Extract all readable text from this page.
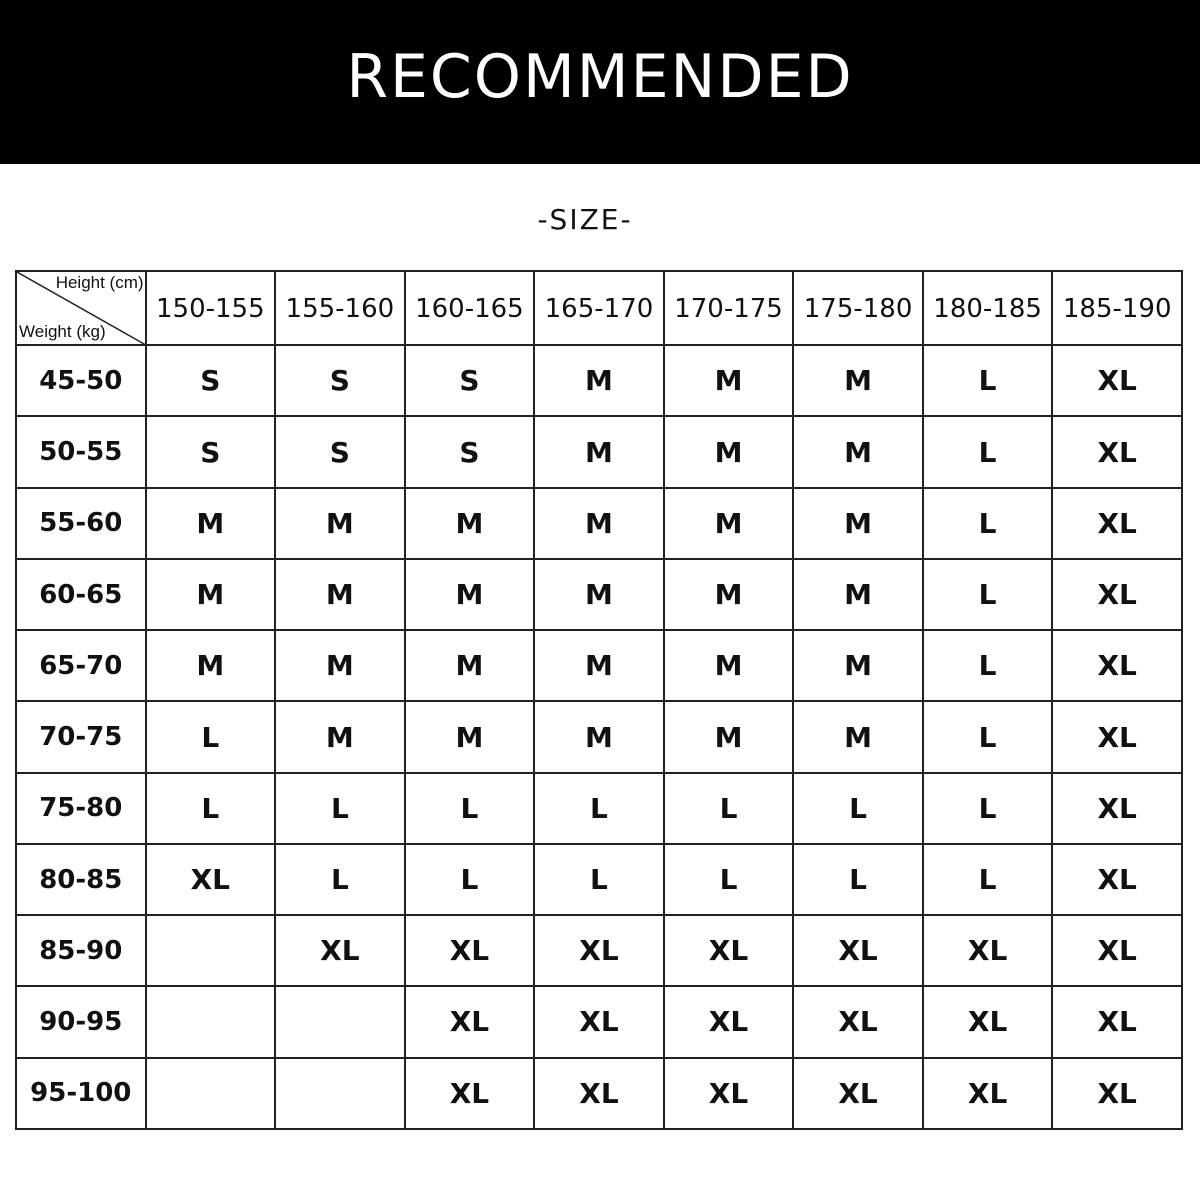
RECOMMENDED
-SIZE-
Height (cm)
Weight (kg)	150-155	155-160	160-165	165-170	170-175	175-180	180-185	185-190
45-50	S	S	S	M	M	M	L	XL
50-55	S	S	S	M	M	M	L	XL
55-60	M	M	M	M	M	M	L	XL
60-65	M	M	M	M	M	M	L	XL
65-70	M	M	M	M	M	M	L	XL
70-75	L	M	M	M	M	M	L	XL
75-80	L	L	L	L	L	L	L	XL
80-85	XL	L	L	L	L	L	L	XL
85-90		XL	XL	XL	XL	XL	XL	XL
90-95			XL	XL	XL	XL	XL	XL
95-100			XL	XL	XL	XL	XL	XL
